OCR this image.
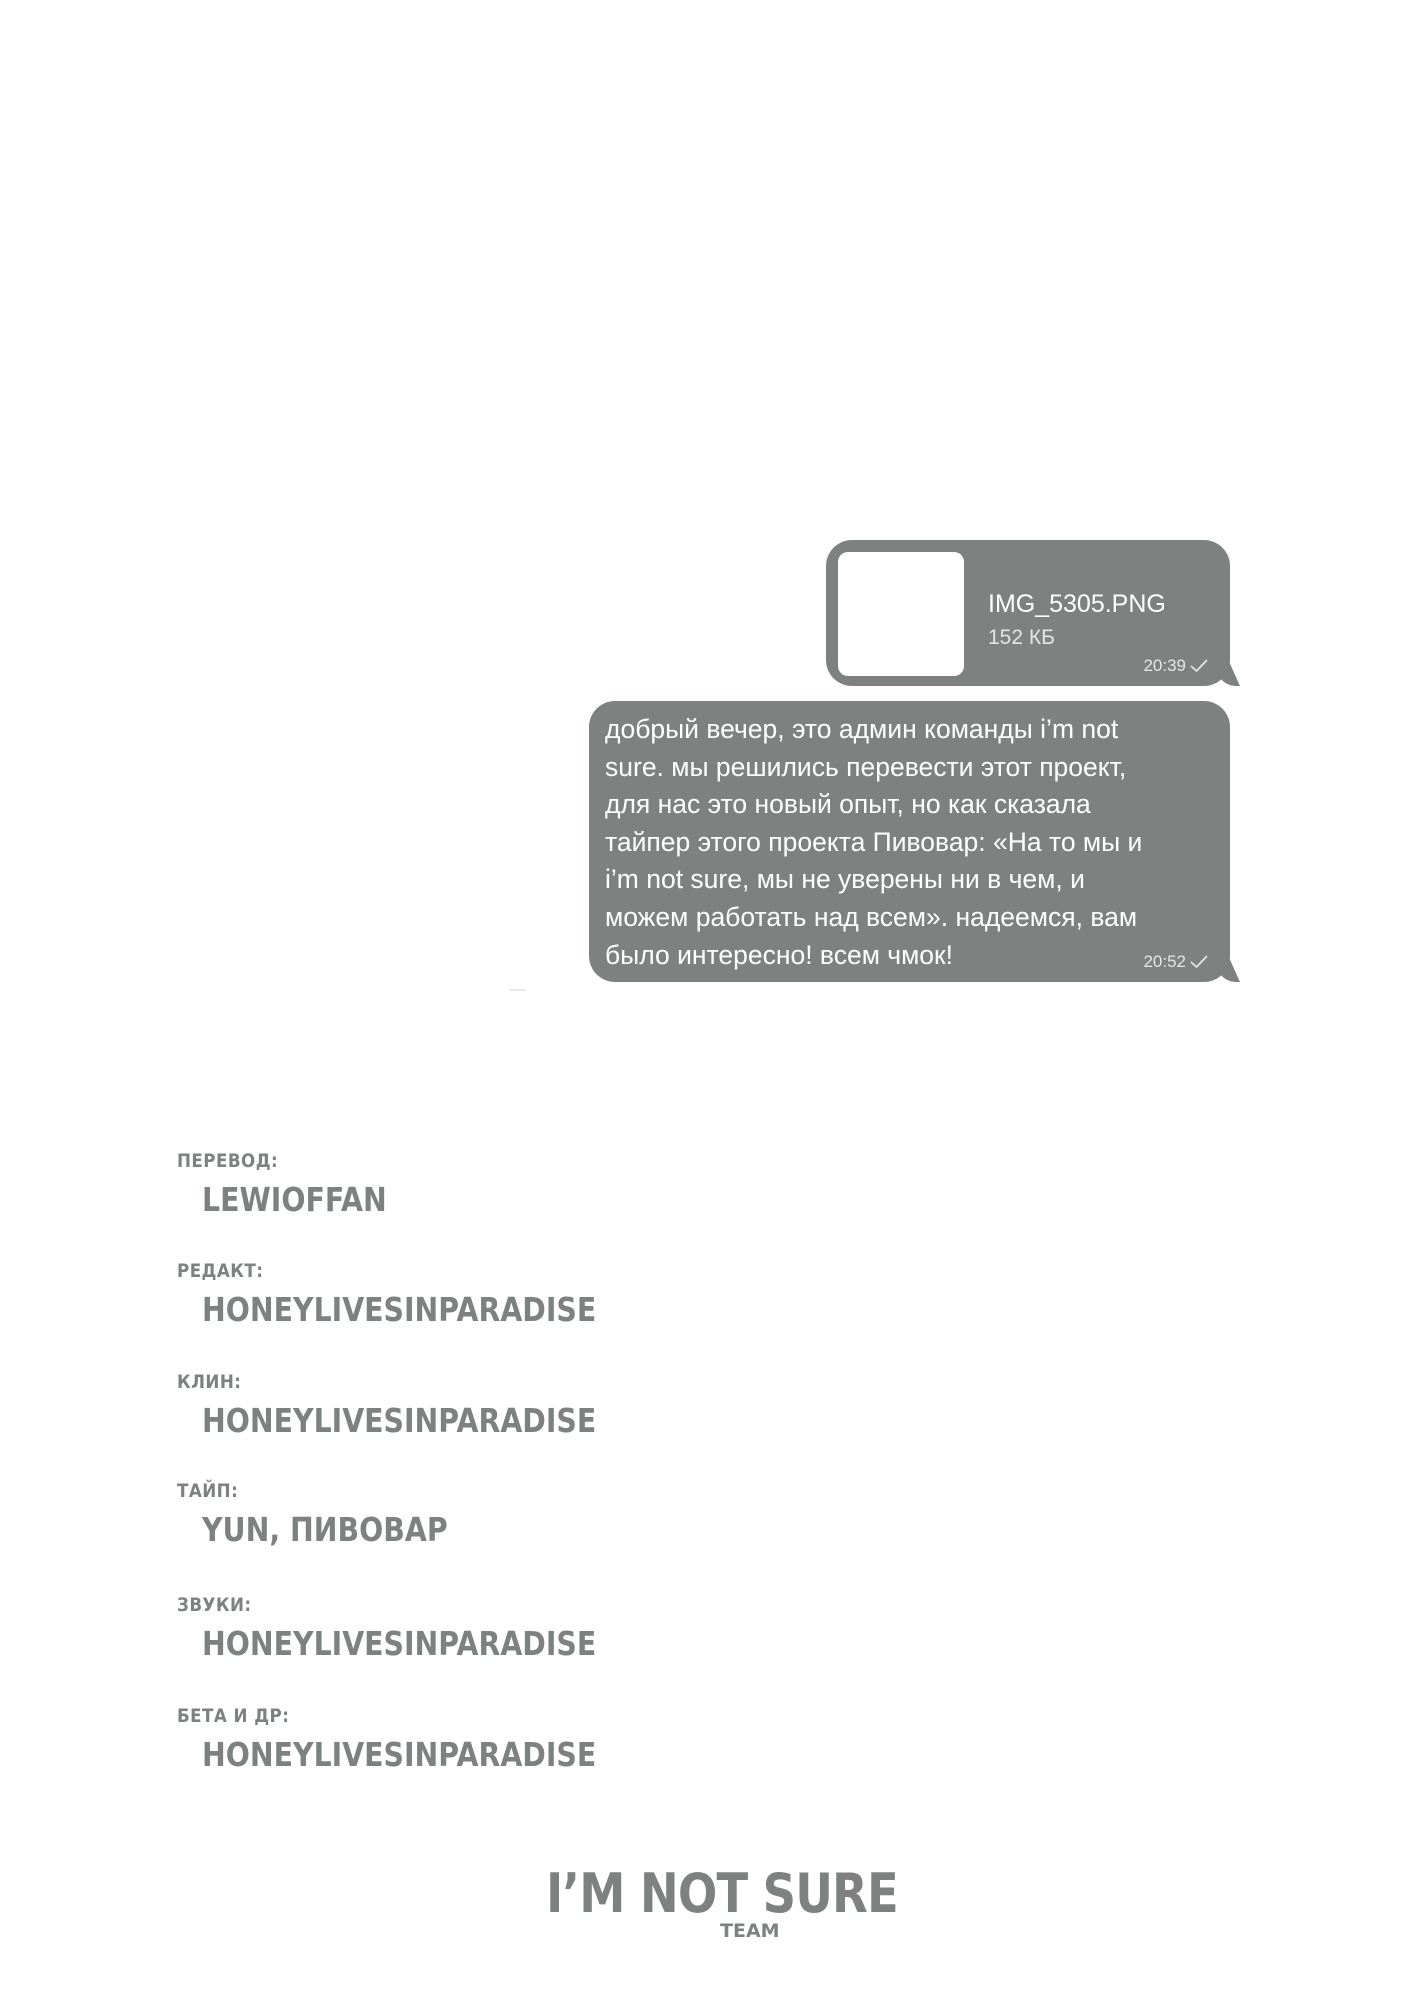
IMG_5305.PNG
152 КБ
20:39
добрый вечер, это админ команды i’m not
sure. мы решились перевести этот проект,
для нас это новый опыт, но как сказала
тайпер этого проекта Пивовар: «На то мы и
i’m not sure, мы не уверены ни в чем, и
можем работать над всем». надеемся, вам
было интересно! всем чмок!	20:52
ПЕРЕВОД:
LEWIOFFAN
РЕДАКТ:
HONEYLIVESINPARADISE
КЛИН:
HONEYLIVESINPARADISE
ТАЙП:
YUN, ПИВОВАР
ЗВУКИ:
HONEYLIVESINPARADISE
БЕТА И ДР:
HONEYLIVESINPARADISE
I’M NOT SURE
TEAM
